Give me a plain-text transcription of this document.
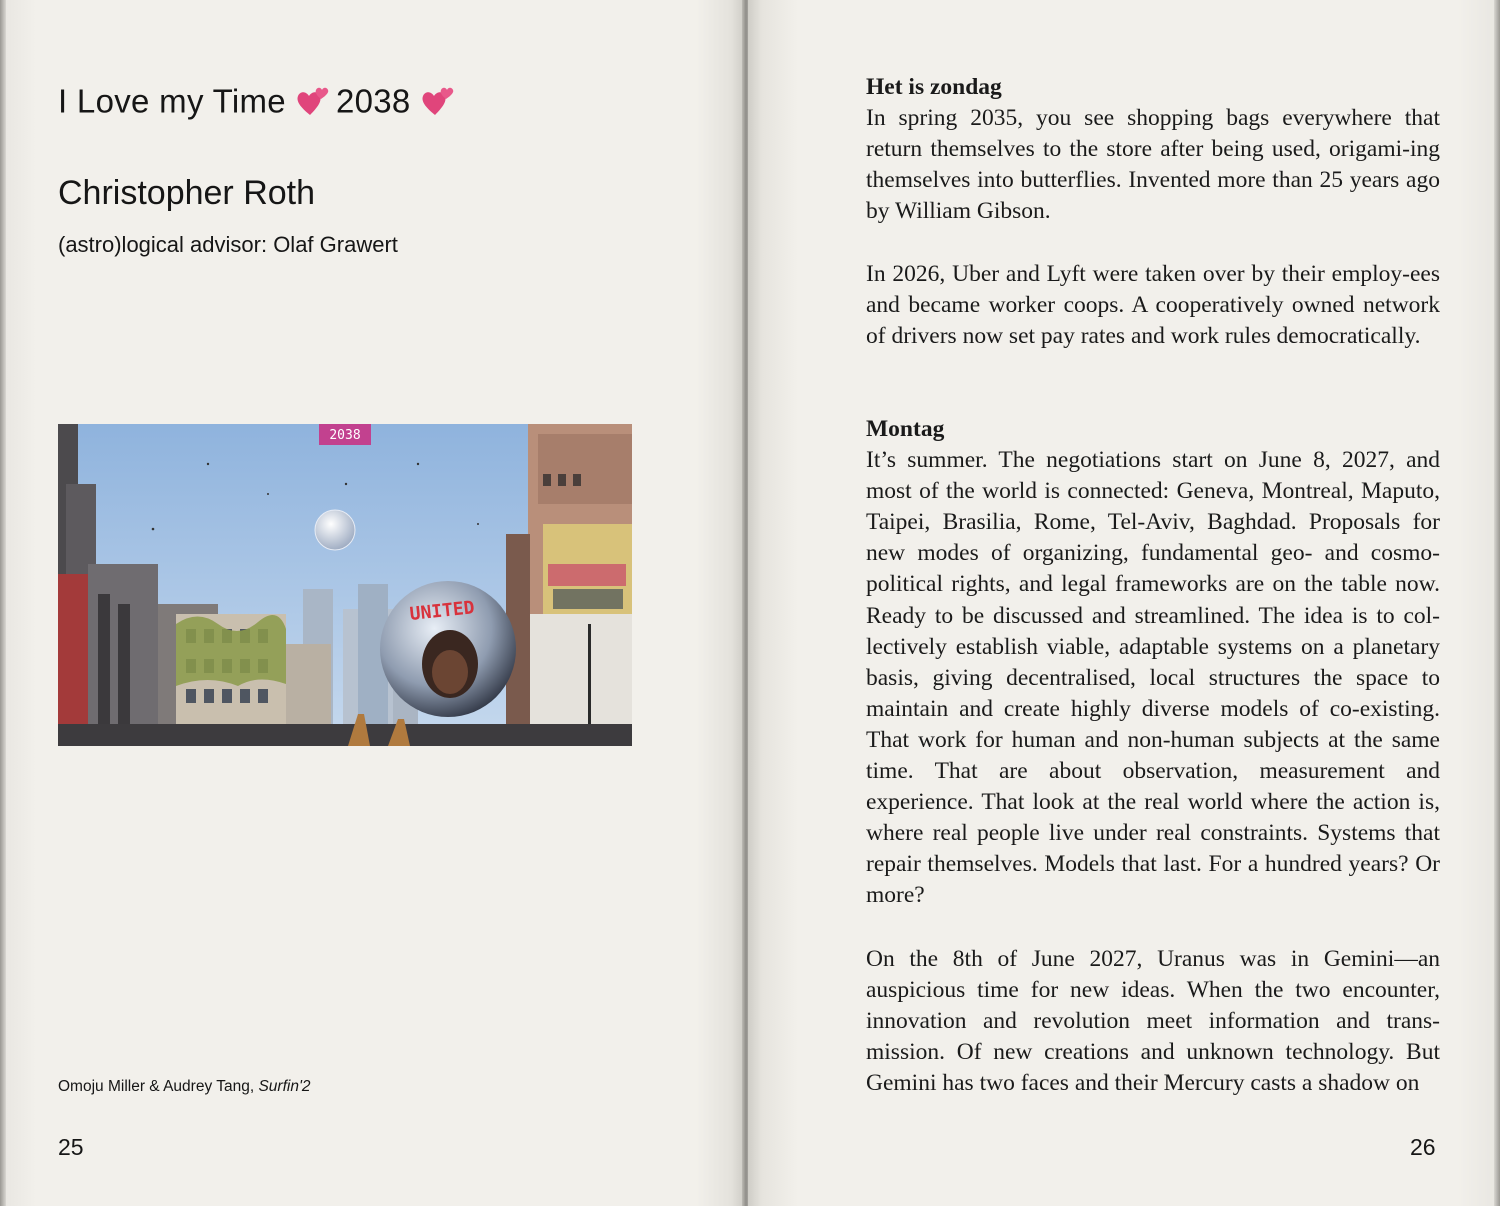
I Love my Time 2038
Christopher Roth
(astro)logical advisor: Olaf Grawert
UNITED
2038
Omoju Miller & Audrey Tang, Surfin'2
25
Het is zondag

In spring 2035, you see shopping bags everywhere that return themselves to the store after being used, origami-ing themselves into butterflies. Invented more than 25 years ago by William Gibson.

In 2026, Uber and Lyft were taken over by their employ-ees and became worker coops. A cooperatively owned network of drivers now set pay rates and work rules democratically.

Montag

It’s summer. The negotiations start on June 8, 2027, and most of the world is connected: Geneva, Montreal, Maputo, Taipei, Brasilia, Rome, Tel-Aviv, Baghdad. Proposals for new modes of organizing, fundamental geo- and cosmo-political rights, and legal frameworks are on the table now. Ready to be discussed and streamlined. The idea is to col-lectively establish viable, adaptable systems on a planetary basis, giving decentralised, local structures the space to maintain and create highly diverse models of co-existing. That work for human and non-human subjects at the same time. That are about observation, measurement and experience. That look at the real world where the action is, where real people live under real constraints. Systems that repair themselves. Models that last. For a hundred years? Or more?

On the 8th of June 2027, Uranus was in Gemini—an auspicious time for new ideas. When the two encounter, innovation and revolution meet information and trans-mission. Of new creations and unknown technology. But Gemini has two faces and their Mercury casts a shadow on

26
